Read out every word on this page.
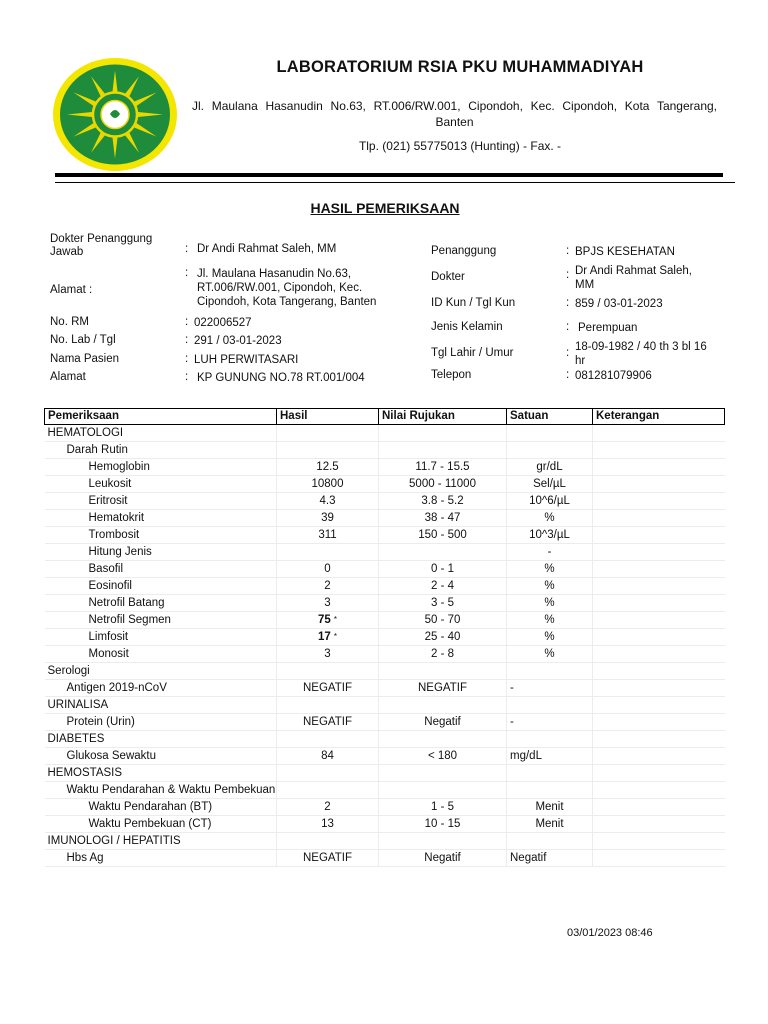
LABORATORIUM RSIA PKU MUHAMMADIYAH
Jl. Maulana Hasanudin No.63, RT.006/RW.001, Cipondoh, Kec. Cipondoh, Kota Tangerang, Banten
Tlp. (021) 55775013 (Hunting) - Fax. -
HASIL PEMERIKSAAN
Dokter Penanggung Jawab	: Dr Andi Rahmat Saleh, MM
Alamat :
: Jl. Maulana Hasanudin No.63, RT.006/RW.001, Cipondoh, Kec. Cipondoh, Kota Tangerang, Banten
No. RM	: 022006527
No. Lab / Tgl	: 291 / 03-01-2023
Nama Pasien	: LUH PERWITASARI
Alamat	: KP GUNUNG NO.78 RT.001/004
Penanggung	: BPJS KESEHATAN
Dokter	: Dr Andi Rahmat Saleh, MM
ID Kun / Tgl Kun	: 859 / 03-01-2023
Jenis Kelamin	: Perempuan
Tgl Lahir / Umur	: 18-09-1982 / 40 th 3 bl 16 hr
Telepon	: 081281079906
Pemeriksaan	Hasil	Nilai Rujukan	Satuan	Keterangan
HEMATOLOGI				
Darah Rutin				
Hemoglobin	12.5	11.7 - 15.5	gr/dL	
Leukosit	10800	5000 - 11000	Sel/µL	
Eritrosit	4.3	3.8 - 5.2	10^6/µL	
Hematokrit	39	38 - 47	%	
Trombosit	311	150 - 500	10^3/µL	
Hitung Jenis			-	
Basofil	0	0 - 1	%	
Eosinofil	2	2 - 4	%	
Netrofil Batang	3	3 - 5	%	
Netrofil Segmen	75 *	50 - 70	%	
Limfosit	17 *	25 - 40	%	
Monosit	3	2 - 8	%	
Serologi				
Antigen 2019-nCoV	NEGATIF	NEGATIF	-	
URINALISA				
Protein (Urin)	NEGATIF	Negatif	-	
DIABETES				
Glukosa Sewaktu	84	< 180	mg/dL	
HEMOSTASIS				
Waktu Pendarahan & Waktu Pembekuan				
Waktu Pendarahan (BT)	2	1 - 5	Menit	
Waktu Pembekuan (CT)	13	10 - 15	Menit	
IMUNOLOGI / HEPATITIS				
Hbs Ag	NEGATIF	Negatif	Negatif	
03/01/2023 08:46
